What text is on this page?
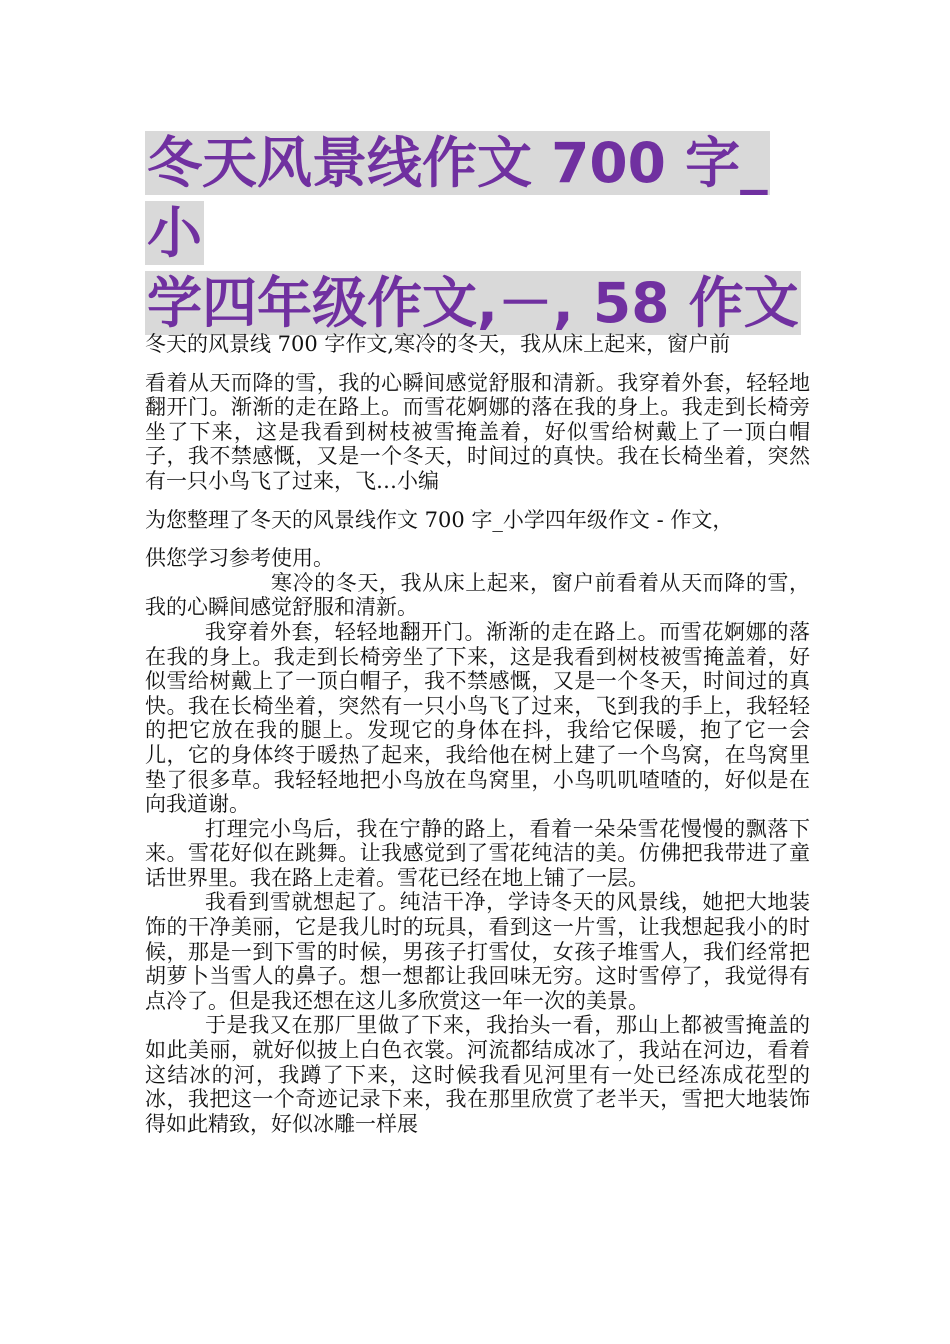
冬天风景线作文 700 字_小
学四年级作文,－, 58 作文

冬天的风景线 700 字作文,寒冷的冬天，我从床上起来，窗户前

看着从天而降的雪，我的心瞬间感觉舒服和清新。我穿着外套，轻轻地翻开门。渐渐的走在路上。而雪花婀娜的落在我的身上。我走到长椅旁坐了下来，这是我看到树枝被雪掩盖着，好似雪给树戴上了一顶白帽子，我不禁感慨，又是一个冬天，时间过的真快。我在长椅坐着，突然有一只小鸟飞了过来，飞…小编

为您整理了冬天的风景线作文 700 字_小学四年级作文 - 作文，

供您学习参考使用。

寒冷的冬天，我从床上起来，窗户前看着从天而降的雪，我的心瞬间感觉舒服和清新。

我穿着外套，轻轻地翻开门。渐渐的走在路上。而雪花婀娜的落在我的身上。我走到长椅旁坐了下来，这是我看到树枝被雪掩盖着，好似雪给树戴上了一顶白帽子，我不禁感慨，又是一个冬天，时间过的真快。我在长椅坐着，突然有一只小鸟飞了过来，飞到我的手上，我轻轻的把它放在我的腿上。发现它的身体在抖，我给它保暖，抱了它一会儿，它的身体终于暖热了起来，我给他在树上建了一个鸟窝，在鸟窝里垫了很多草。我轻轻地把小鸟放在鸟窝里，小鸟叽叽喳喳的，好似是在向我道谢。

打理完小鸟后，我在宁静的路上，看着一朵朵雪花慢慢的飘落下来。雪花好似在跳舞。让我感觉到了雪花纯洁的美。仿佛把我带进了童话世界里。我在路上走着。雪花已经在地上铺了一层。

我看到雪就想起了。纯洁干净，学诗冬天的风景线，她把大地装饰的干净美丽，它是我儿时的玩具，看到这一片雪，让我想起我小的时候，那是一到下雪的时候，男孩子打雪仗，女孩子堆雪人，我们经常把胡萝卜当雪人的鼻子。想一想都让我回味无穷。这时雪停了，我觉得有点冷了。但是我还想在这儿多欣赏这一年一次的美景。

于是我又在那厂里做了下来，我抬头一看，那山上都被雪掩盖的如此美丽，就好似披上白色衣裳。河流都结成冰了，我站在河边，看着这结冰的河，我蹲了下来，这时候我看见河里有一处已经冻成花型的冰，我把这一个奇迹记录下来，我在那里欣赏了老半天，雪把大地装饰得如此精致，好似冰雕一样展
